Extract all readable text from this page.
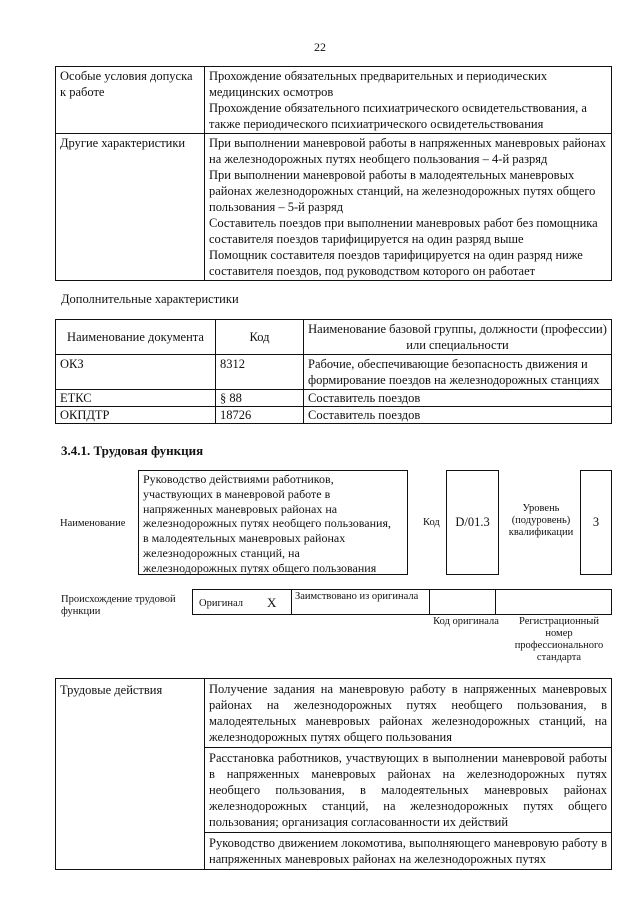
22
Особые условия допуска к работе	Прохождение обязательных предварительных и периодических медицинских осмотров
Прохождение обязательного психиатрического освидетельствования, а также периодического психиатрического освидетельствования

Другие характеристики	При выполнении маневровой работы в напряженных маневровых районах на железнодорожных путях необщего пользования – 4-й разряд
При выполнении маневровой работы в малодеятельных маневровых районах железнодорожных станций, на железнодорожных путях общего пользования – 5-й разряд
Составитель поездов при выполнении маневровых работ без помощника составителя поездов тарифицируется на один разряд выше
Помощник составителя поездов тарифицируется на один разряд ниже составителя поездов, под руководством которого он работает
Дополнительные характеристики
Наименование документа	Код	Наименование базовой группы, должности (профессии) или специальности
ОКЗ	8312	Рабочие, обеспечивающие безопасность движения и формирование поездов на железнодорожных станциях
ЕТКС	§ 88	Составитель поездов
ОКПДТР	18726	Составитель поездов
3.4.1. Трудовая функция
Наименование
Руководство действиями работников,
участвующих в маневровой работе в
напряженных маневровых районах на
железнодорожных путях необщего пользования,
в малодеятельных маневровых районах
железнодорожных станций, на
железнодорожных путях общего пользования
Код D/01.3
Уровень (подуровень) квалификации
3
Происхождение трудовой функции
Оригинал X Заимствовано из оригинала
Код оригинала	Регистрационный номер профессионального стандарта
Трудовые действия	Получение задания на маневровую работу в напряженных маневровых районах на железнодорожных путях необщего пользования, в малодеятельных маневровых районах железнодорожных станций, на железнодорожных путях общего пользования
Расстановка работников, участвующих в выполнении маневровой работы в напряженных маневровых районах на железнодорожных путях необщего пользования, в малодеятельных маневровых районах железнодорожных станций, на железнодорожных путях общего пользования; организация согласованности их действий
Руководство движением локомотива, выполняющего маневровую работу в напряженных маневровых районах на железнодорожных путях
